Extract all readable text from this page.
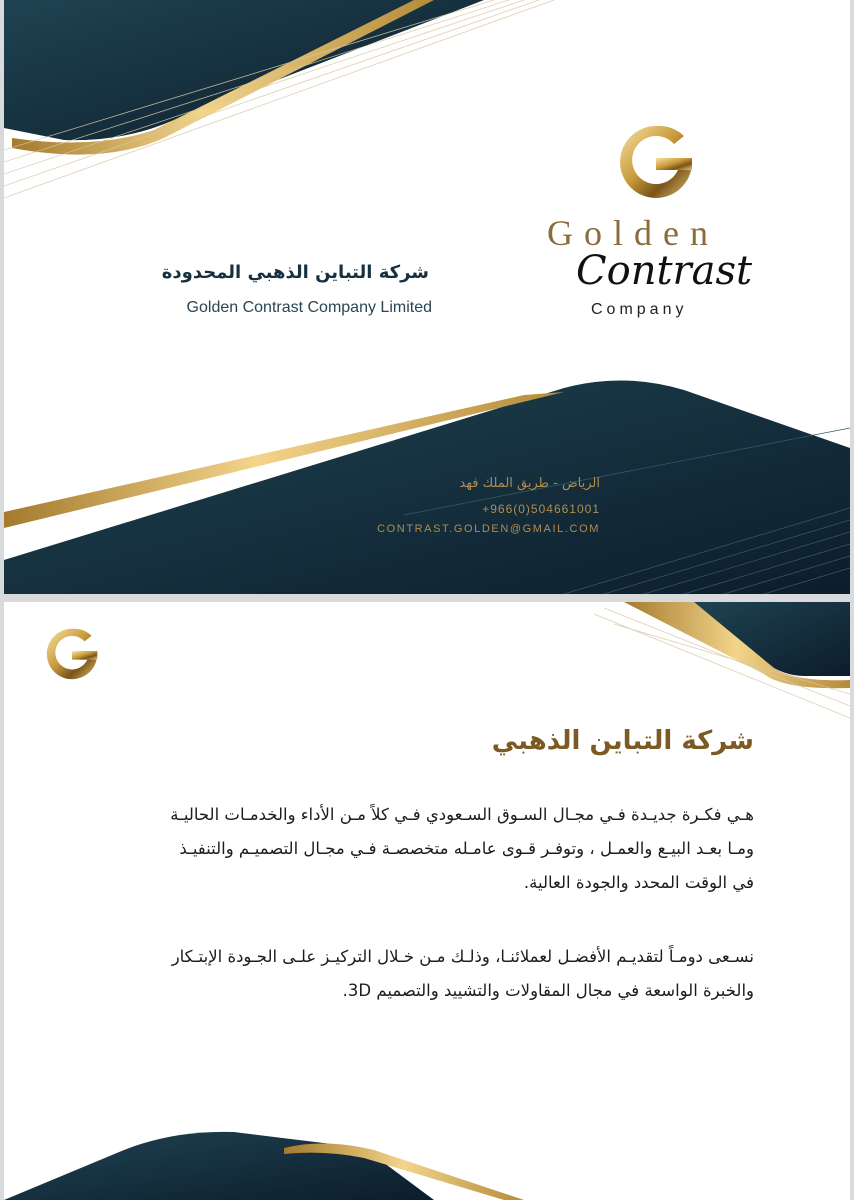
Golden
Contrast
Company
شركة التباين الذهبي المحدودة
Golden Contrast Company Limited
الرياض - طريق الملك فهد
+966(0)504661001
CONTRAST.GOLDEN@GMAIL.COM
شركة التباين الذهبي
هـي فكـرة جديـدة فـي مجـال السـوق السـعودي فـي كلاً مـن الأداء والخدمـات الحاليـة
ومـا بعـد البيـع والعمـل ، وتوفـر قـوى عامـله متخصصـة فـي مجـال التصميـم والتنفيـذ
في الوقت المحدد والجودة العالية.
نسـعى دومـاً لتقديـم الأفضـل لعملائنـا، وذلـك مـن خـلال التركيـز علـى الجـودة الإبتـكار
والخبرة الواسعة في مجال المقاولات والتشييد والتصميم 3D.
